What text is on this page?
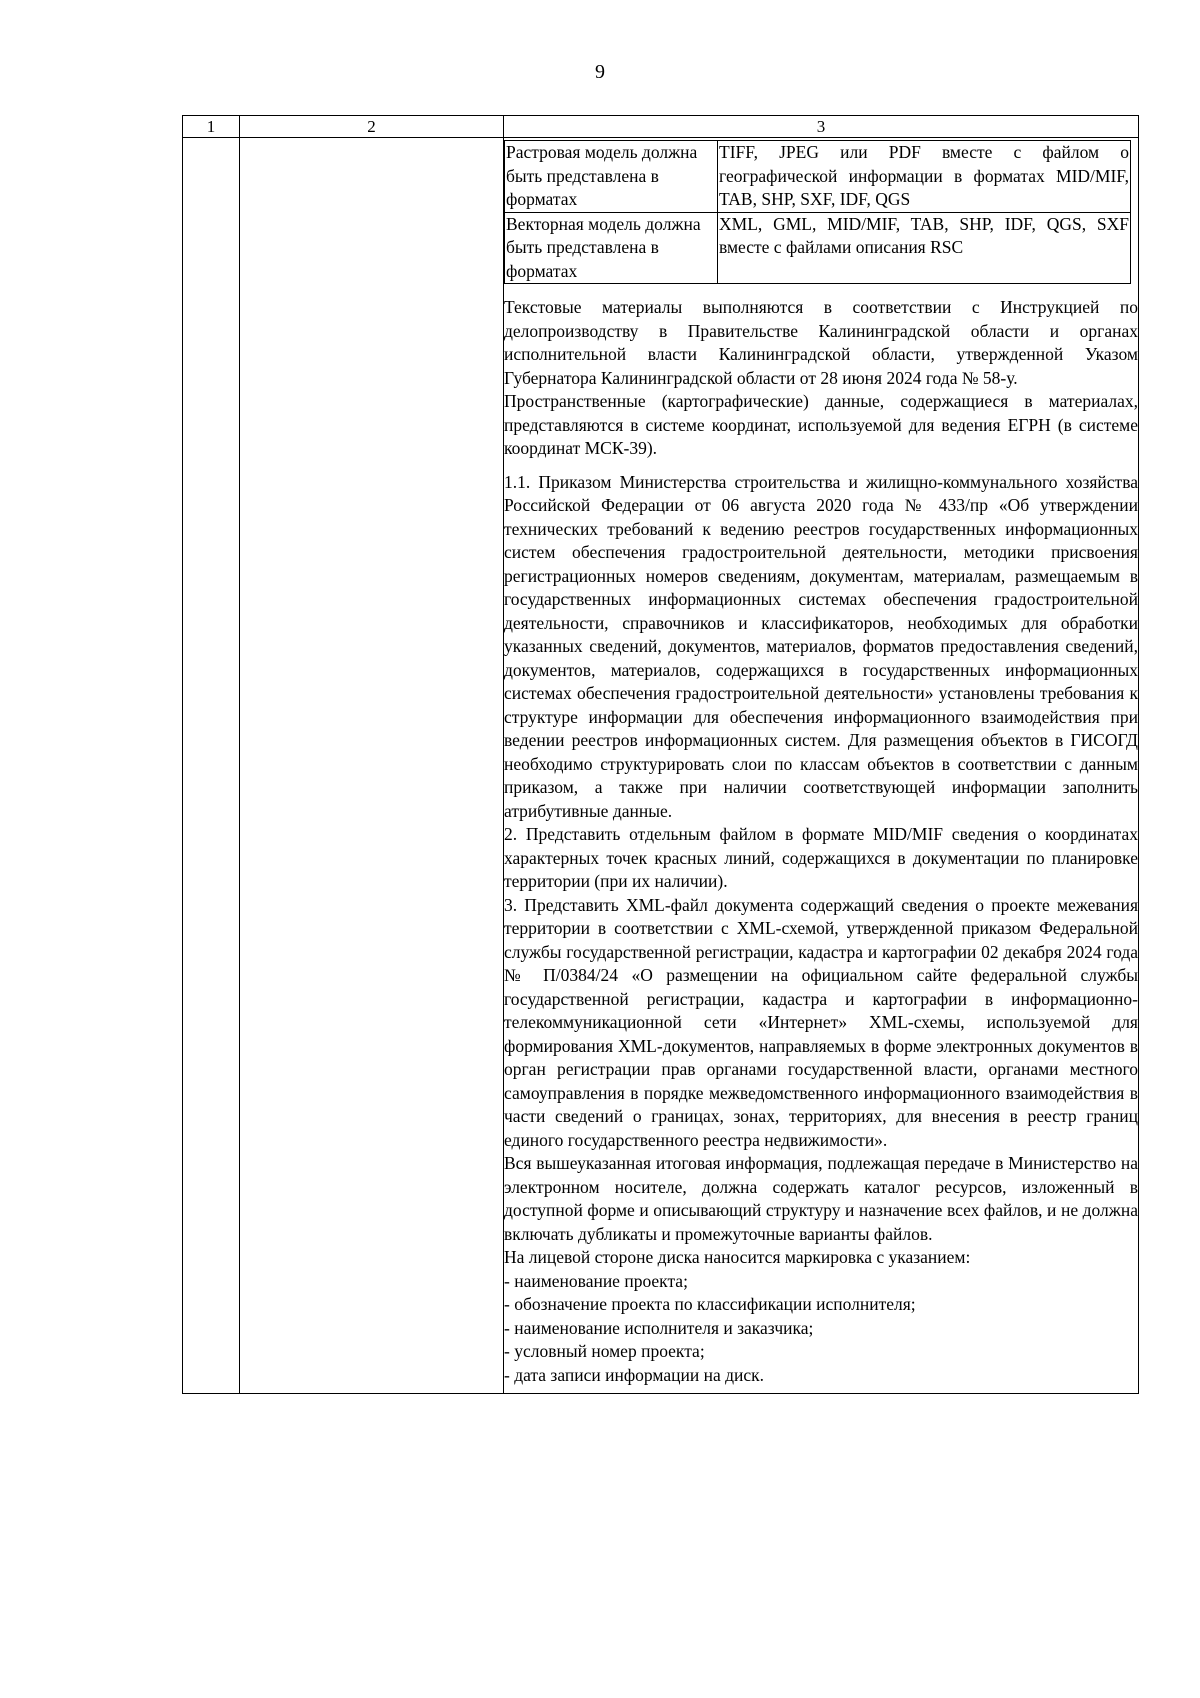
9
1	2	3

Растровая модель должна быть представлена в форматах	TIFF, JPEG или PDF вместе с файлом о географической информации в форматах MID/MIF, TAB, SHP, SXF, IDF, QGS
Векторная модель должна быть представлена в форматах	XML, GML, MID/MIF, TAB, SHP, IDF, QGS, SXF вместе с файлами описания RSC

Текстовые материалы выполняются в соответствии с Инструкцией по делопроизводству в Правительстве Калининградской области и органах исполнительной власти Калининградской области, утвержденной Указом Губернатора Калининградской области от 28 июня 2024 года № 58-у.

Пространственные (картографические) данные, содержащиеся в материалах, представляются в системе координат, используемой для ведения ЕГРН (в системе координат МСК-39).

1.1. Приказом Министерства строительства и жилищно-коммунального хозяйства Российской Федерации от 06 августа 2020 года № 433/пр «Об утверждении технических требований к ведению реестров государственных информационных систем обеспечения градостроительной деятельности, методики присвоения регистрационных номеров сведениям, документам, материалам, размещаемым в государственных информационных системах обеспечения градостроительной деятельности, справочников и классификаторов, необходимых для обработки указанных сведений, документов, материалов, форматов предоставления сведений, документов, материалов, содержащихся в государственных информационных системах обеспечения градостроительной деятельности» установлены требования к структуре информации для обеспечения информационного взаимодействия при ведении реестров информационных систем. Для размещения объектов в ГИСОГД необходимо структурировать слои по классам объектов в соответствии с данным приказом, а также при наличии соответствующей информации заполнить атрибутивные данные.

2. Представить отдельным файлом в формате MID/MIF сведения о координатах характерных точек красных линий, содержащихся в документации по планировке территории (при их наличии).

3. Представить XML-файл документа содержащий сведения о проекте межевания территории в соответствии с XML-схемой, утвержденной приказом Федеральной службы государственной регистрации, кадастра и картографии 02 декабря 2024 года № П/0384/24 «О размещении на официальном сайте федеральной службы государственной регистрации, кадастра и картографии в информационно-телекоммуникационной сети «Интернет» XML-схемы, используемой для формирования XML-документов, направляемых в форме электронных документов в орган регистрации прав органами государственной власти, органами местного самоуправления в порядке межведомственного информационного взаимодействия в части сведений о границах, зонах, территориях, для внесения в реестр границ единого государственного реестра недвижимости».

Вся вышеуказанная итоговая информация, подлежащая передаче в Министерство на электронном носителе, должна содержать каталог ресурсов, изложенный в доступной форме и описывающий структуру и назначение всех файлов, и не должна включать дубликаты и промежуточные варианты файлов.

На лицевой стороне диска наносится маркировка с указанием:

- наименование проекта;

- обозначение проекта по классификации исполнителя;

- наименование исполнителя и заказчика;

- условный номер проекта;

- дата записи информации на диск.
